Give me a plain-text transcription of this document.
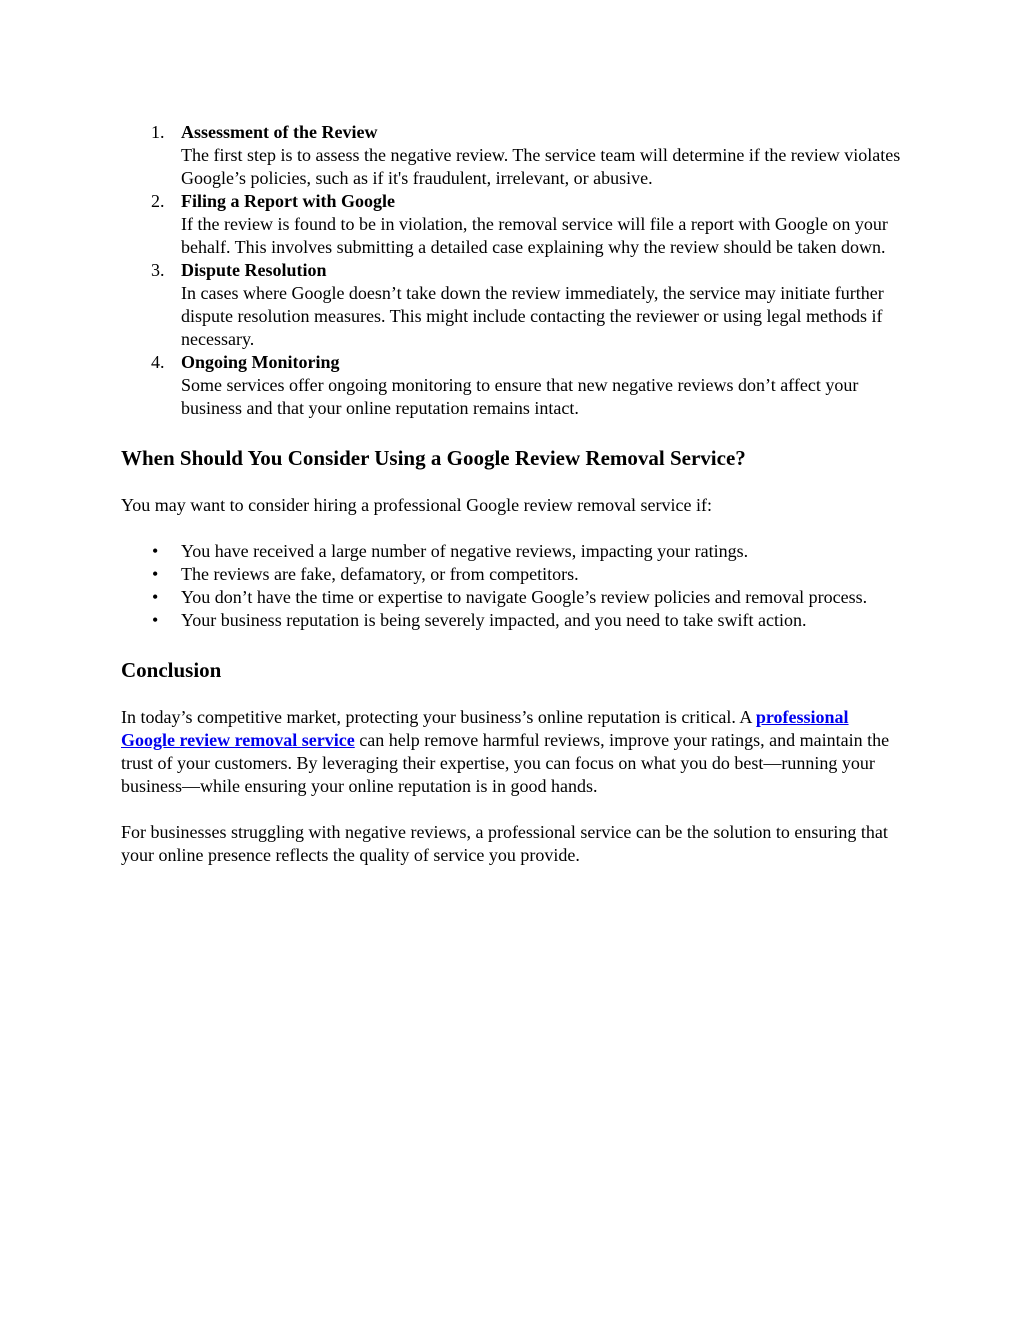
1. Assessment of the Review
The first step is to assess the negative review. The service team will determine if the review violates Google’s policies, such as if it's fraudulent, irrelevant, or abusive.
2. Filing a Report with Google
If the review is found to be in violation, the removal service will file a report with Google on your behalf. This involves submitting a detailed case explaining why the review should be taken down.
3. Dispute Resolution
In cases where Google doesn’t take down the review immediately, the service may initiate further dispute resolution measures. This might include contacting the reviewer or using legal methods if necessary.
4. Ongoing Monitoring
Some services offer ongoing monitoring to ensure that new negative reviews don’t affect your business and that your online reputation remains intact.
When Should You Consider Using a Google Review Removal Service?

You may want to consider hiring a professional Google review removal service if:

• You have received a large number of negative reviews, impacting your ratings.
• The reviews are fake, defamatory, or from competitors.
• You don’t have the time or expertise to navigate Google’s review policies and removal process.
• Your business reputation is being severely impacted, and you need to take swift action.
Conclusion

In today’s competitive market, protecting your business’s online reputation is critical. A professional Google review removal service can help remove harmful reviews, improve your ratings, and maintain the trust of your customers. By leveraging their expertise, you can focus on what you do best—running your business—while ensuring your online reputation is in good hands.

For businesses struggling with negative reviews, a professional service can be the solution to ensuring that your online presence reflects the quality of service you provide.
